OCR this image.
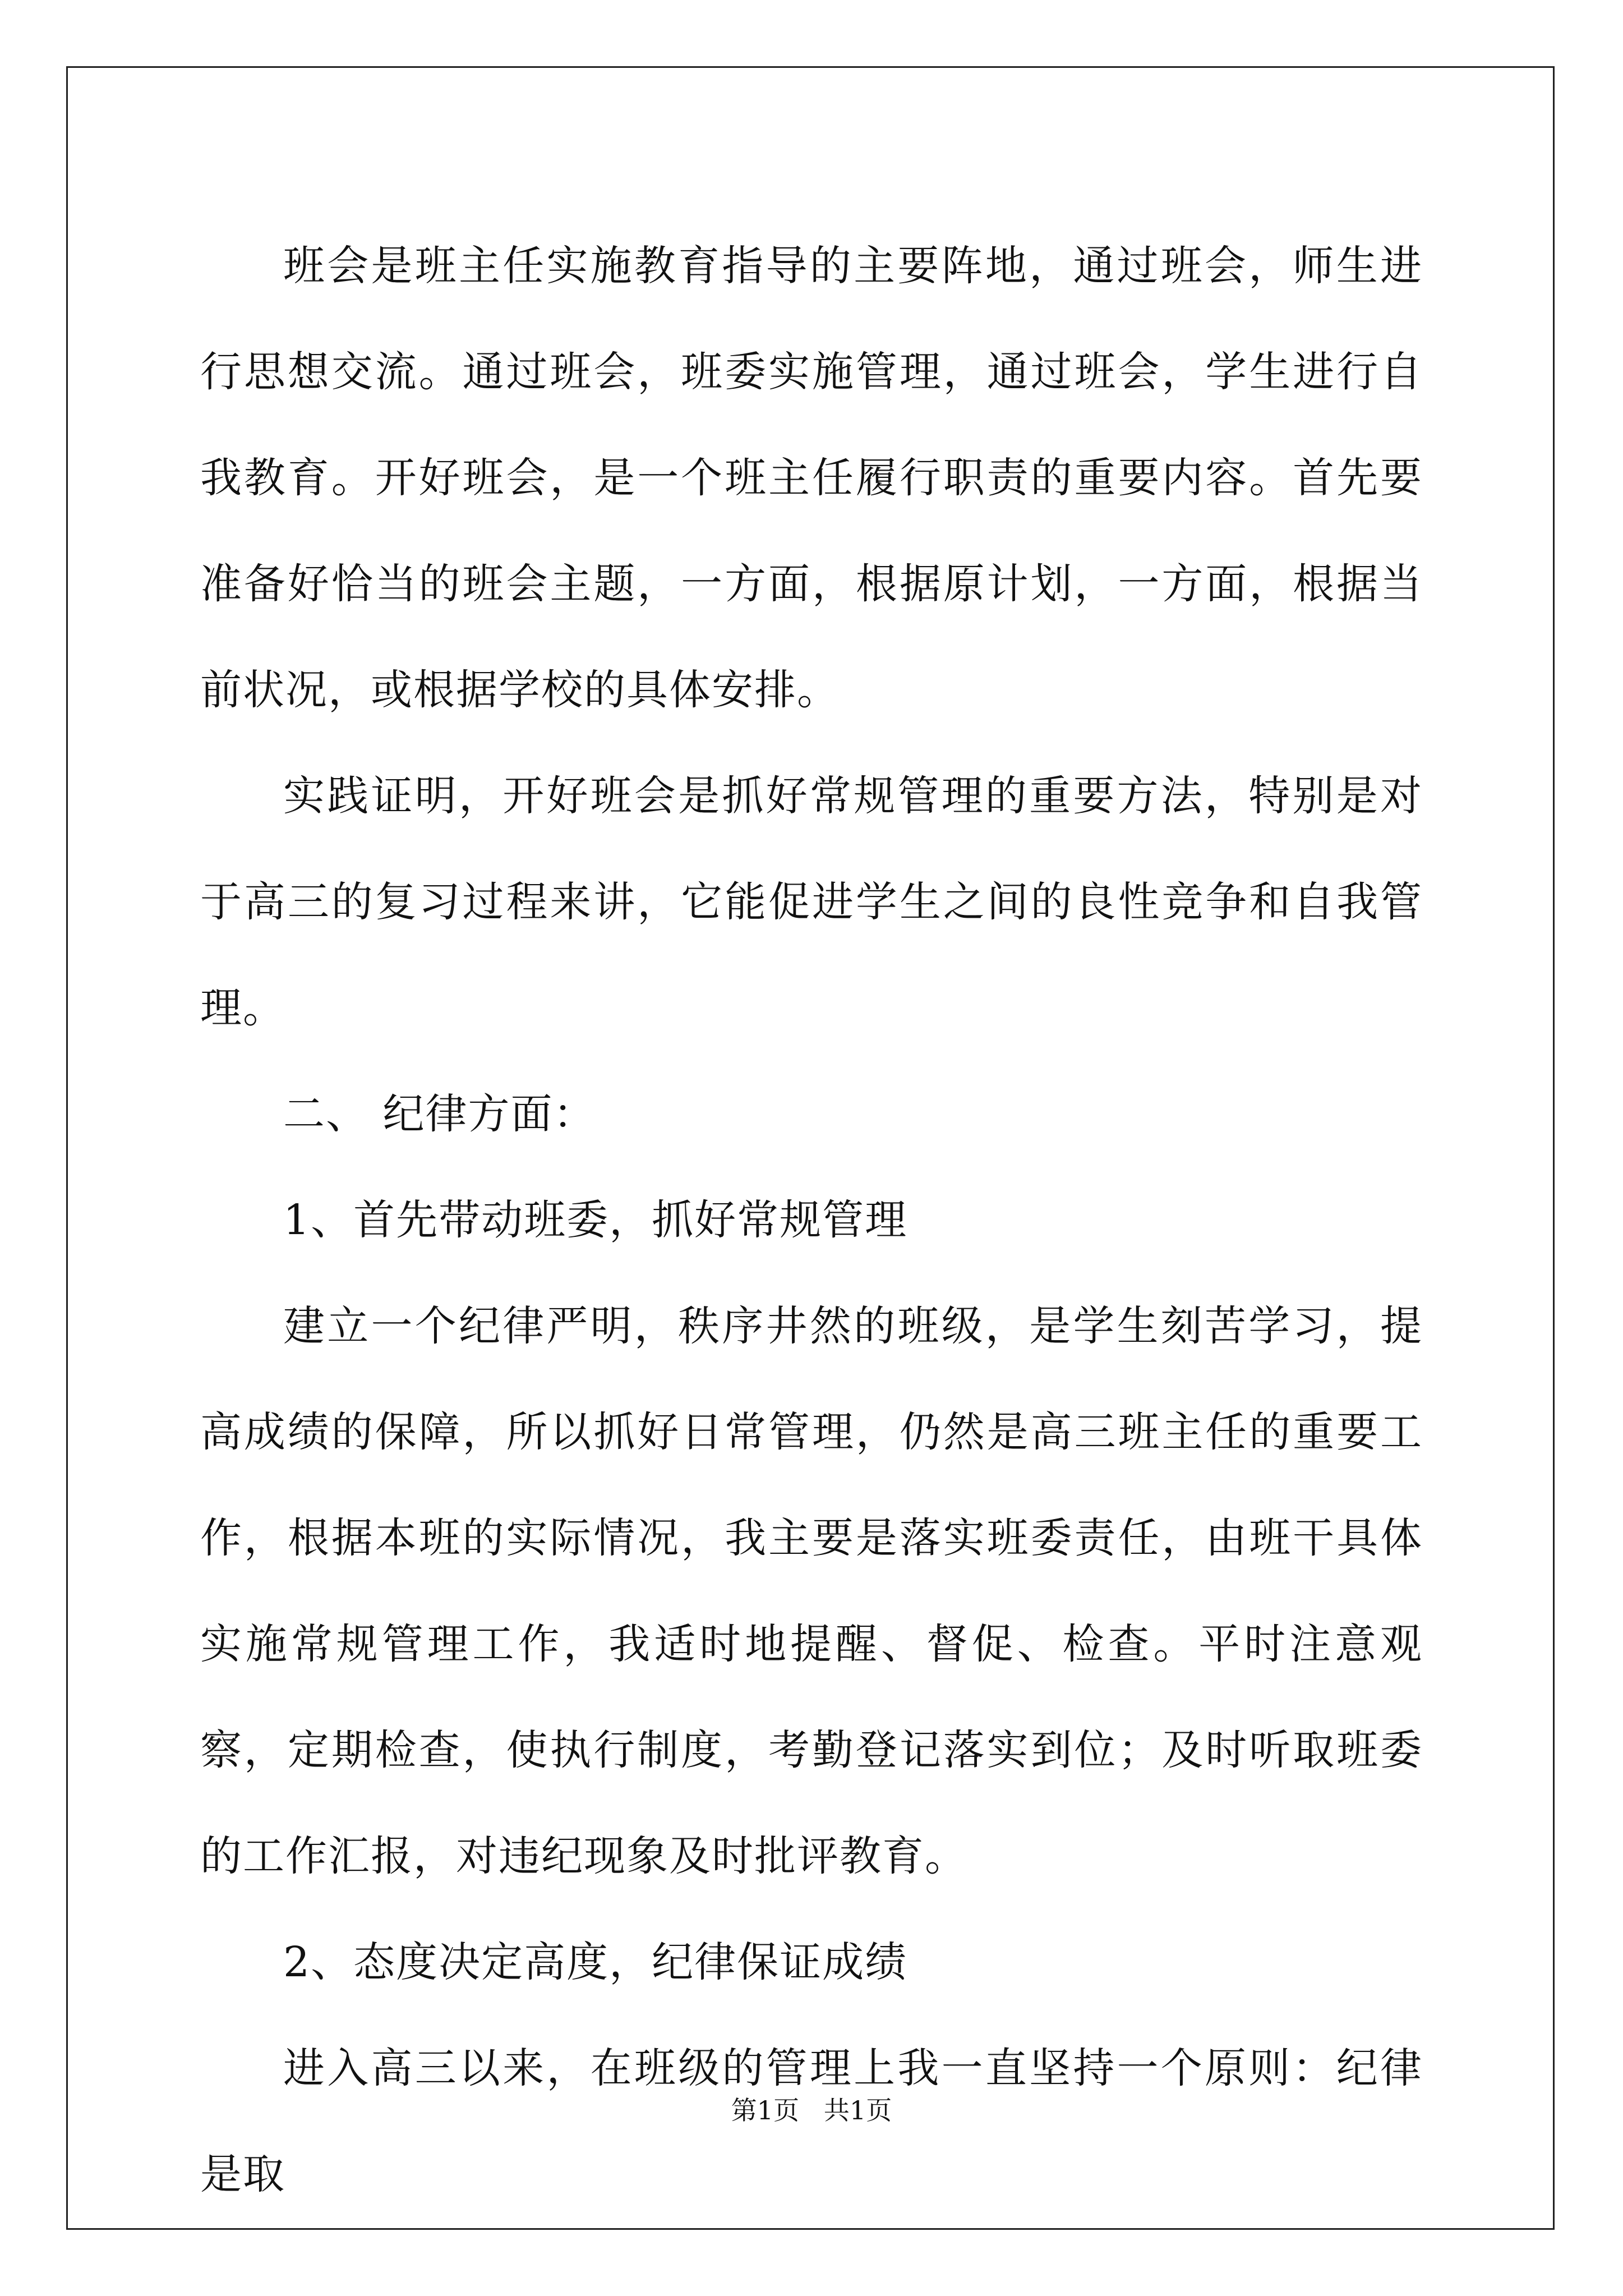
班会是班主任实施教育指导的主要阵地，通过班会，师生进行思想交流。通过班会，班委实施管理，通过班会，学生进行自我教育。开好班会，是一个班主任履行职责的重要内容。首先要准备好恰当的班会主题，一方面，根据原计划，一方面，根据当前状况，或根据学校的具体安排。

实践证明，开好班会是抓好常规管理的重要方法，特别是对于高三的复习过程来讲，它能促进学生之间的良性竞争和自我管理。

二、 纪律方面：

1、首先带动班委，抓好常规管理

建立一个纪律严明，秩序井然的班级，是学生刻苦学习，提高成绩的保障，所以抓好日常管理，仍然是高三班主任的重要工作，根据本班的实际情况，我主要是落实班委责任，由班干具体实施常规管理工作，我适时地提醒、督促、检查。平时注意观察，定期检查，使执行制度，考勤登记落实到位；及时听取班委的工作汇报，对违纪现象及时批评教育。

2、态度决定高度，纪律保证成绩

进入高三以来，在班级的管理上我一直坚持一个原则：纪律是取

第1页   共1页
